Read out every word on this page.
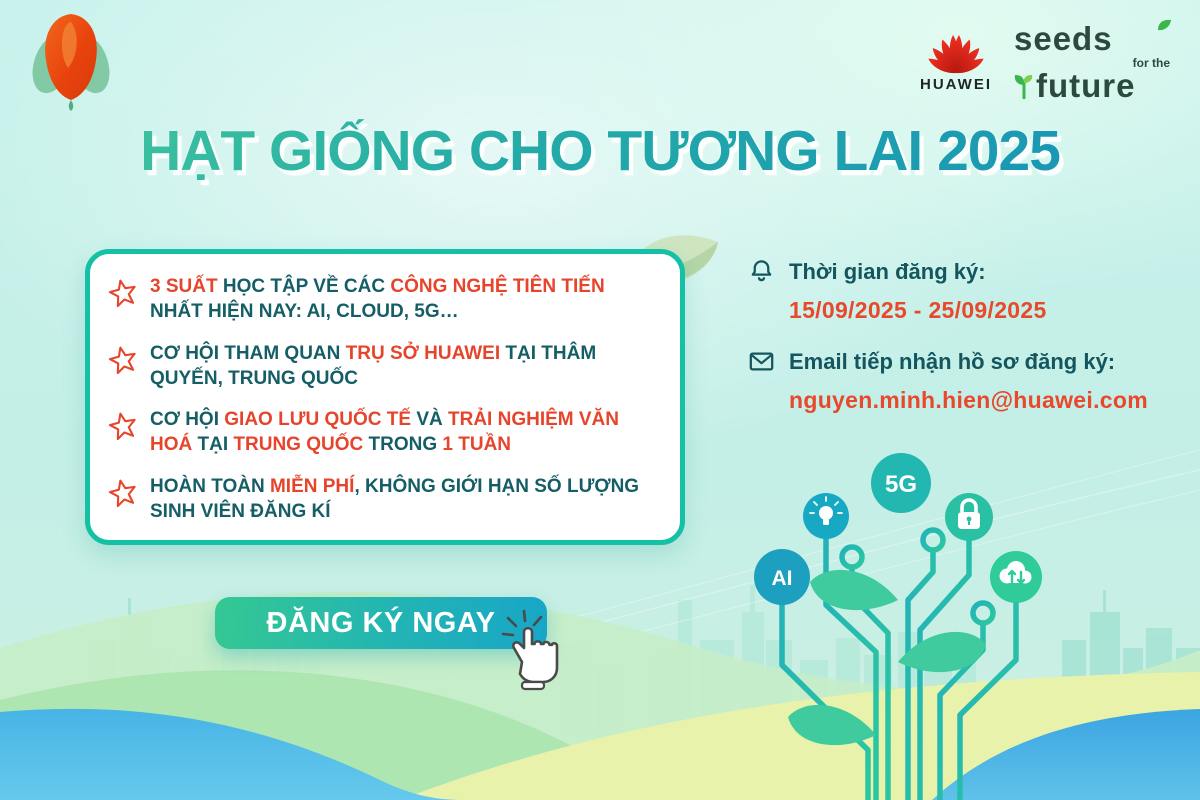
AI
5G
HUAWEI
seeds
for the
future
HẠT GIỐNG CHO TƯƠNG LAI 2025
3 SUẤT HỌC TẬP VỀ CÁC CÔNG NGHỆ TIÊN TIẾN NHẤT HIỆN NAY: AI, CLOUD, 5G…
CƠ HỘI THAM QUAN TRỤ SỞ HUAWEI TẠI THÂM QUYẾN, TRUNG QUỐC
CƠ HỘI GIAO LƯU QUỐC TẾ VÀ TRẢI NGHIỆM VĂN HOÁ TẠI TRUNG QUỐC TRONG 1 TUẦN
HOÀN TOÀN MIỄN PHÍ, KHÔNG GIỚI HẠN SỐ LƯỢNG SINH VIÊN ĐĂNG KÍ
Thời gian đăng ký:
15/09/2025 - 25/09/2025
Email tiếp nhận hồ sơ đăng ký:
nguyen.minh.hien@huawei.com
ĐĂNG KÝ NGAY
